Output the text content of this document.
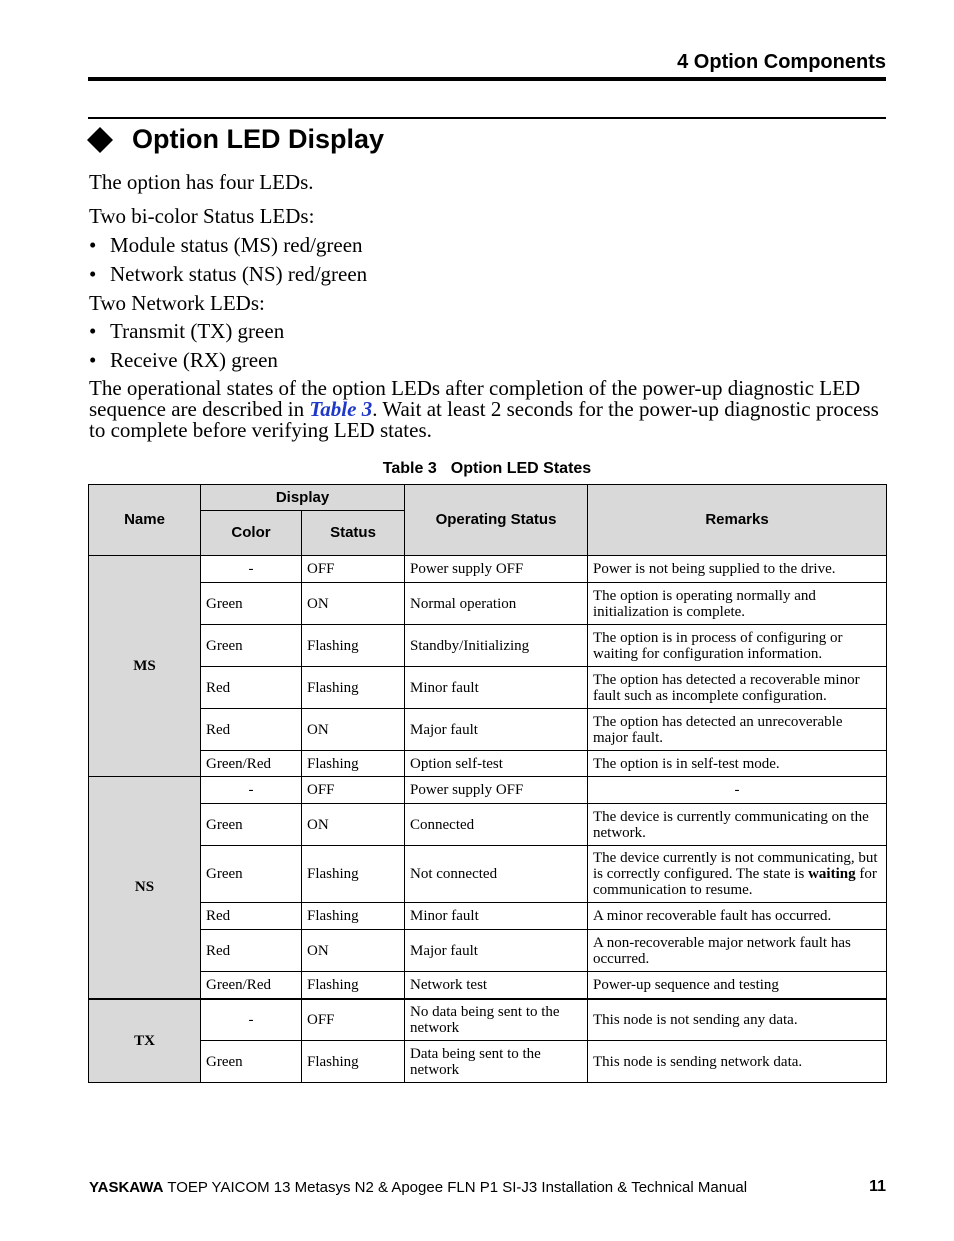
4 Option Components
Option LED Display
The option has four LEDs.
Two bi-color Status LEDs:
• Module status (MS) red/green
• Network status (NS) red/green
Two Network LEDs:
• Transmit (TX) green
• Receive (RX) green
The operational states of the option LEDs after completion of the power-up diagnostic LED sequence are described in Table 3. Wait at least 2 seconds for the power-up diagnostic process to complete before verifying LED states.
Table 3 Option LED States
Name	Display		Operating Status	Remarks
	Color	Status		
MS	-	OFF	Power supply OFF	Power is not being supplied to the drive.
	Green	ON	Normal operation	The option is operating normally and initialization is complete.
	Green	Flashing	Standby/Initializing	The option is in process of configuring or waiting for configuration information.
	Red	Flashing	Minor fault	The option has detected a recoverable minor fault such as incomplete configuration.
	Red	ON	Major fault	The option has detected an unrecoverable major fault.
	Green/Red	Flashing	Option self-test	The option is in self-test mode.
NS	-	OFF	Power supply OFF	-
	Green	ON	Connected	The device is currently communicating on the network.
	Green	Flashing	Not connected	The device currently is not communicating, but is correctly configured. The state is waiting for communication to resume.
	Red	Flashing	Minor fault	A minor recoverable fault has occurred.
	Red	ON	Major fault	A non-recoverable major network fault has occurred.
	Green/Red	Flashing	Network test	Power-up sequence and testing
TX	-	OFF	No data being sent to the network	This node is not sending any data.
	Green	Flashing	Data being sent to the network	This node is sending network data.
YASKAWA TOEP YAICOM 13 Metasys N2 & Apogee FLN P1 SI-J3 Installation & Technical Manual	11
